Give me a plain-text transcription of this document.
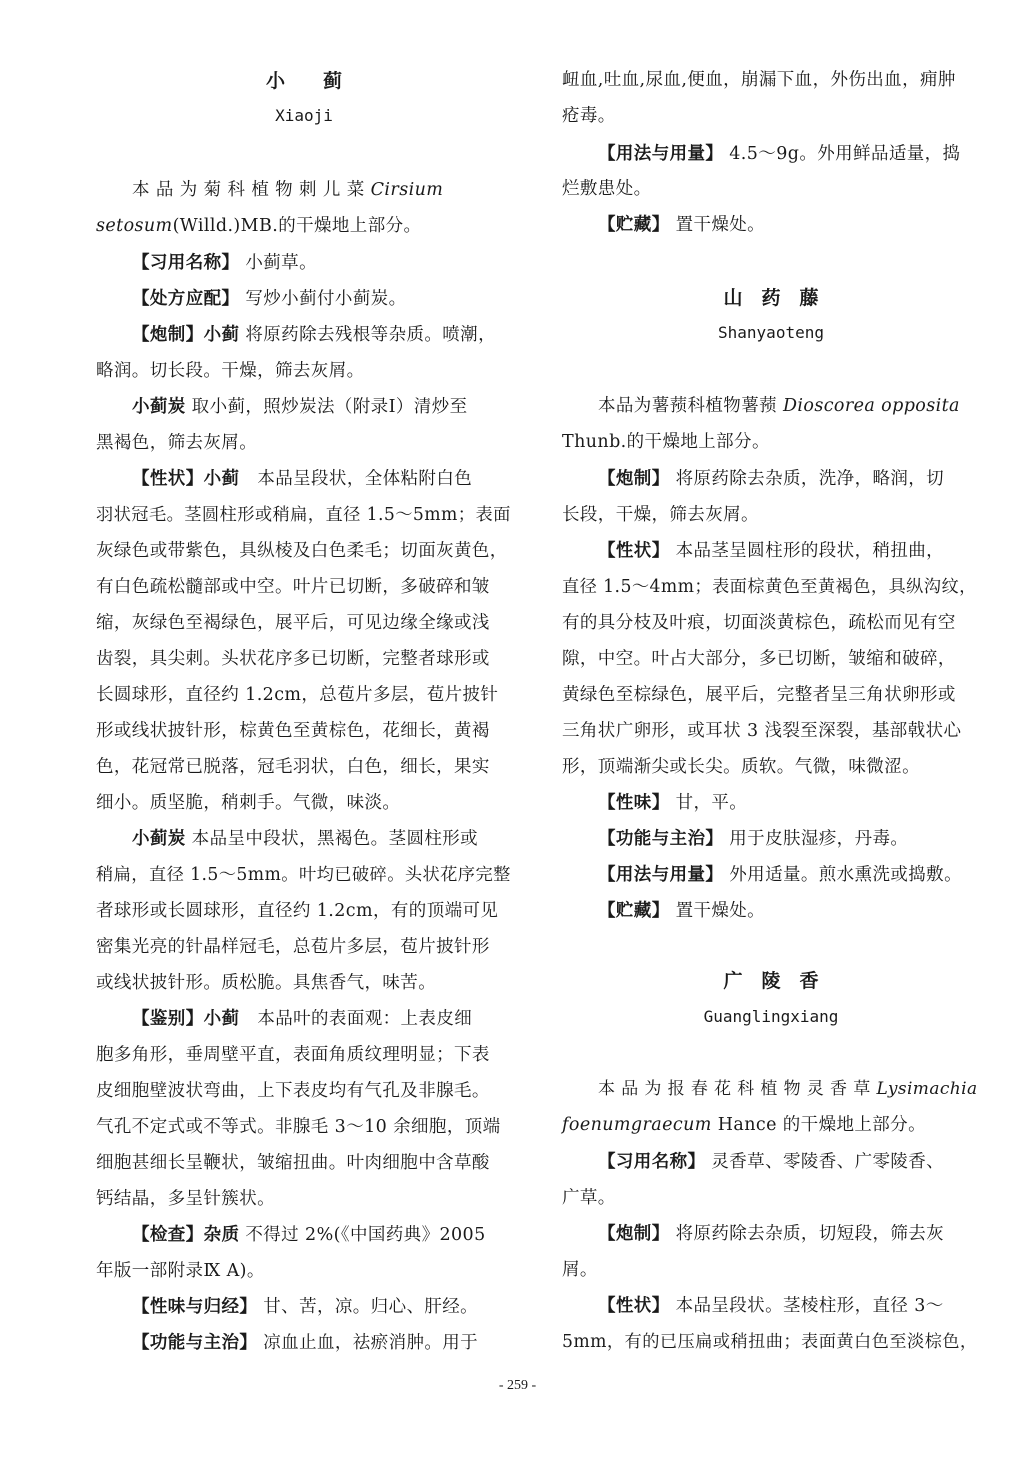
小　　蓟
Xiaoji
本 品 为 菊 科 植 物 刺 儿 菜 Cirsium
setosum(Willd.)MB.的干燥地上部分。
【习用名称】 小蓟草。
【处方应配】 写炒小蓟付小蓟炭。
【炮制】小蓟 将原药除去残根等杂质。喷潮，
略润。切长段。干燥，筛去灰屑。
小蓟炭 取小蓟，照炒炭法（附录Ⅰ）清炒至
黑褐色，筛去灰屑。
【性状】小蓟　本品呈段状，全体粘附白色
羽状冠毛。茎圆柱形或稍扁，直径 1.5～5mm；表面
灰绿色或带紫色，具纵棱及白色柔毛；切面灰黄色，
有白色疏松髓部或中空。叶片已切断，多破碎和皱
缩，灰绿色至褐绿色，展平后，可见边缘全缘或浅
齿裂，具尖刺。头状花序多已切断，完整者球形或
长圆球形，直径约 1.2cm，总苞片多层，苞片披针
形或线状披针形，棕黄色至黄棕色，花细长，黄褐
色，花冠常已脱落，冠毛羽状，白色，细长，果实
细小。质坚脆，稍刺手。气微，味淡。
小蓟炭 本品呈中段状，黑褐色。茎圆柱形或
稍扁，直径 1.5～5mm。叶均已破碎。头状花序完整
者球形或长圆球形，直径约 1.2cm，有的顶端可见
密集光亮的针晶样冠毛，总苞片多层，苞片披针形
或线状披针形。质松脆。具焦香气，味苦。
【鉴别】小蓟　本品叶的表面观：上表皮细
胞多角形，垂周壁平直，表面角质纹理明显；下表
皮细胞壁波状弯曲，上下表皮均有气孔及非腺毛。
气孔不定式或不等式。非腺毛 3～10 余细胞，顶端
细胞甚细长呈鞭状，皱缩扭曲。叶肉细胞中含草酸
钙结晶，多呈针簇状。
【检查】杂质 不得过 2%(《中国药典》2005
年版一部附录Ⅸ A)。
【性味与归经】 甘、苦，凉。归心、肝经。
【功能与主治】 凉血止血，祛瘀消肿。用于
衄血,吐血,尿血,便血，崩漏下血，外伤出血，痈肿
疮毒。
【用法与用量】 4.5～9g。外用鲜品适量，捣
烂敷患处。
【贮藏】 置干燥处。
山　药　藤
Shanyaoteng
本品为薯蓣科植物薯蓣 Dioscorea opposita
Thunb.的干燥地上部分。
【炮制】 将原药除去杂质，洗净，略润，切
长段，干燥，筛去灰屑。
【性状】 本品茎呈圆柱形的段状，稍扭曲，
直径 1.5～4mm；表面棕黄色至黄褐色，具纵沟纹，
有的具分枝及叶痕，切面淡黄棕色，疏松而见有空
隙，中空。叶占大部分，多已切断，皱缩和破碎，
黄绿色至棕绿色，展平后，完整者呈三角状卵形或
三角状广卵形，或耳状 3 浅裂至深裂，基部戟状心
形，顶端渐尖或长尖。质软。气微，味微涩。
【性味】 甘，平。
【功能与主治】 用于皮肤湿疹，丹毒。
【用法与用量】 外用适量。煎水熏洗或捣敷。
【贮藏】 置干燥处。
广　陵　香
Guanglingxiang
本 品 为 报 春 花 科 植 物 灵 香 草 Lysimachia
foenumgraecum Hance 的干燥地上部分。
【习用名称】 灵香草、零陵香、广零陵香、
广草。
【炮制】 将原药除去杂质，切短段，筛去灰
屑。
【性状】 本品呈段状。茎棱柱形，直径 3～
5mm，有的已压扁或稍扭曲；表面黄白色至淡棕色，
- 259 -
